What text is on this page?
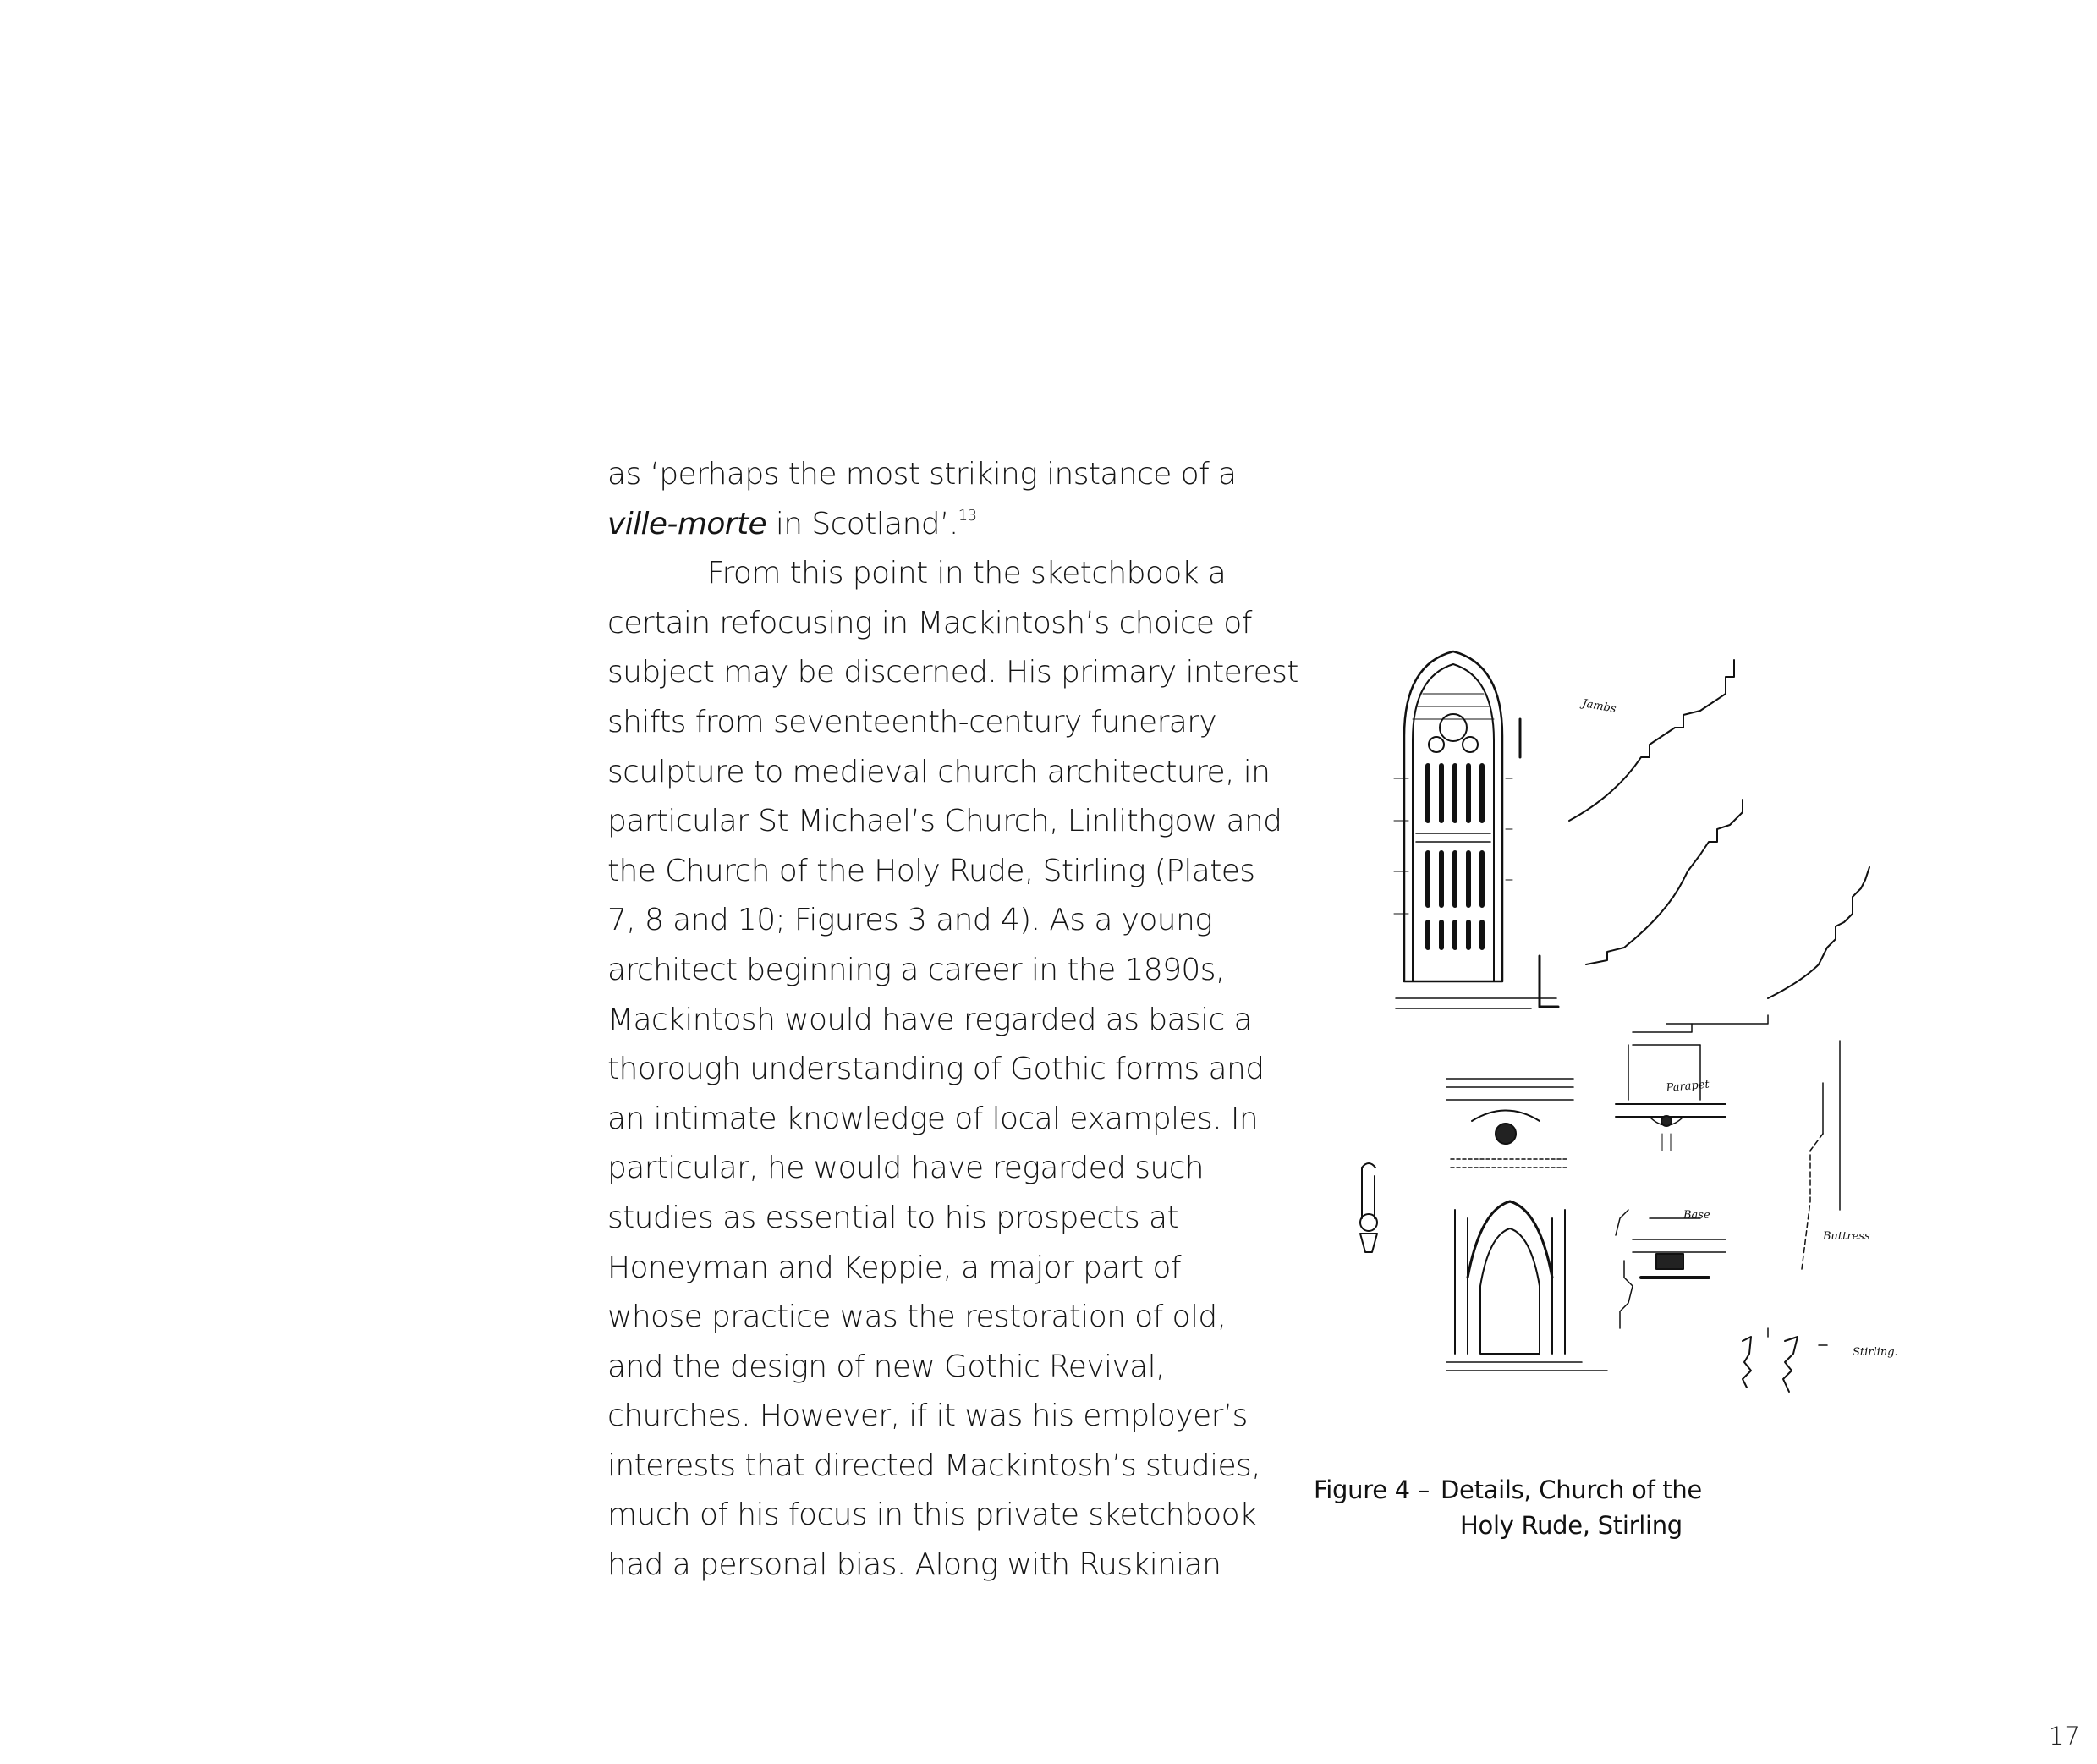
as ‘perhaps the most striking instance of a
ville-morte in Scotland’.$^{13}$
From this point in the sketchbook a
certain refocusing in Mackintosh’s choice of
subject may be discerned. His primary interest
shifts from seventeenth-century funerary
sculpture to medieval church architecture, in
particular St Michael’s Church, Linlithgow and
the Church of the Holy Rude, Stirling (Plates
7, 8 and 10; Figures 3 and 4). As a young
architect beginning a career in the 1890s,
Mackintosh would have regarded as basic a
thorough understanding of Gothic forms and
an intimate knowledge of local examples. In
particular, he would have regarded such
studies as essential to his prospects at
Honeyman and Keppie, a major part of
whose practice was the restoration of old,
and the design of new Gothic Revival,
churches. However, if it was his employer’s
interests that directed Mackintosh’s studies,
much of his focus in this private sketchbook
had a personal bias. Along with Ruskinian
Jambs
Parapet
Base
Buttress
Stirling.
Figure 4 – Details, Church of the
Holy Rude, Stirling
17
